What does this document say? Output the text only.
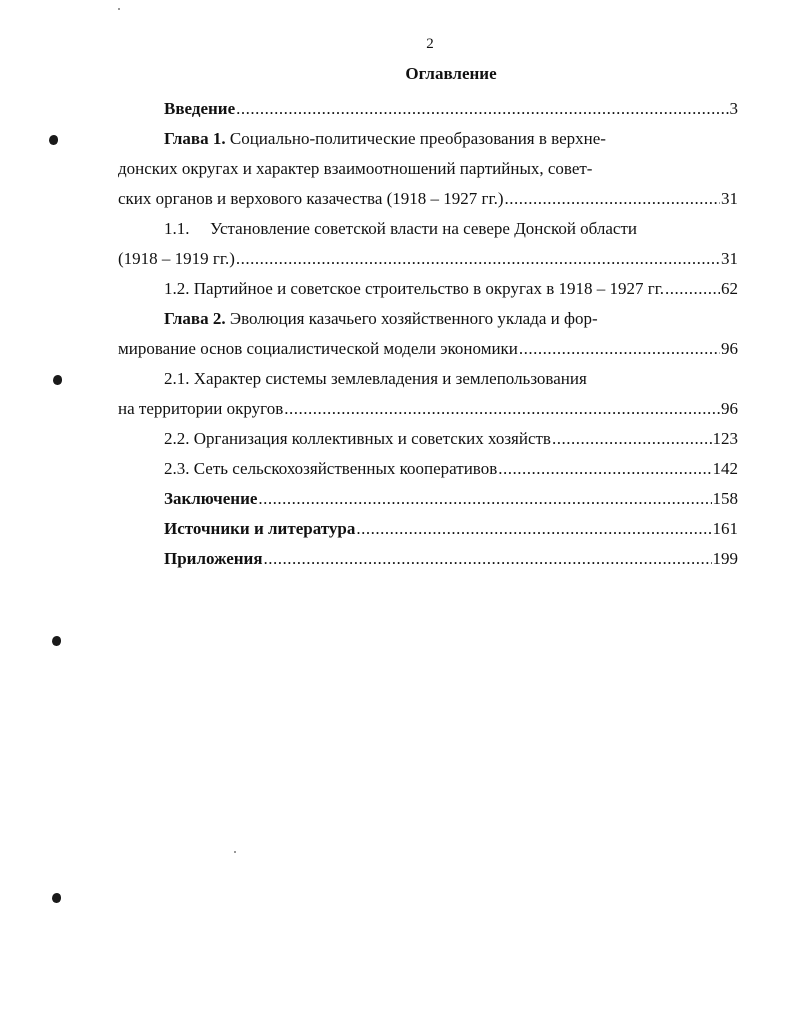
2
Оглавление
Введение .....	3
Глава 1.
Социально-политические преобразования в верхне-
донских округах и характер взаимоотношений партийных, совет-
ских органов и верхового казачества (1918 – 1927 гг.) .....	31
1.1.	Установление советской власти на севере Донской области
(1918 – 1919 гг.) .....	31
1.2. Партийное и советское строительство в округах в 1918 – 1927 гг. .....	62
Глава 2.
Эволюция казачьего хозяйственного уклада и фор-
мирование основ социалистической модели экономики .....	96
2.1. Характер системы землевладения и землепользования
на территории округов .....	96
2.2. Организация коллективных и советских хозяйств .....	123
2.3. Сеть сельскохозяйственных кооперативов .....	142
Заключение .....	158
Источники и литература .....	161
Приложения .....	199
